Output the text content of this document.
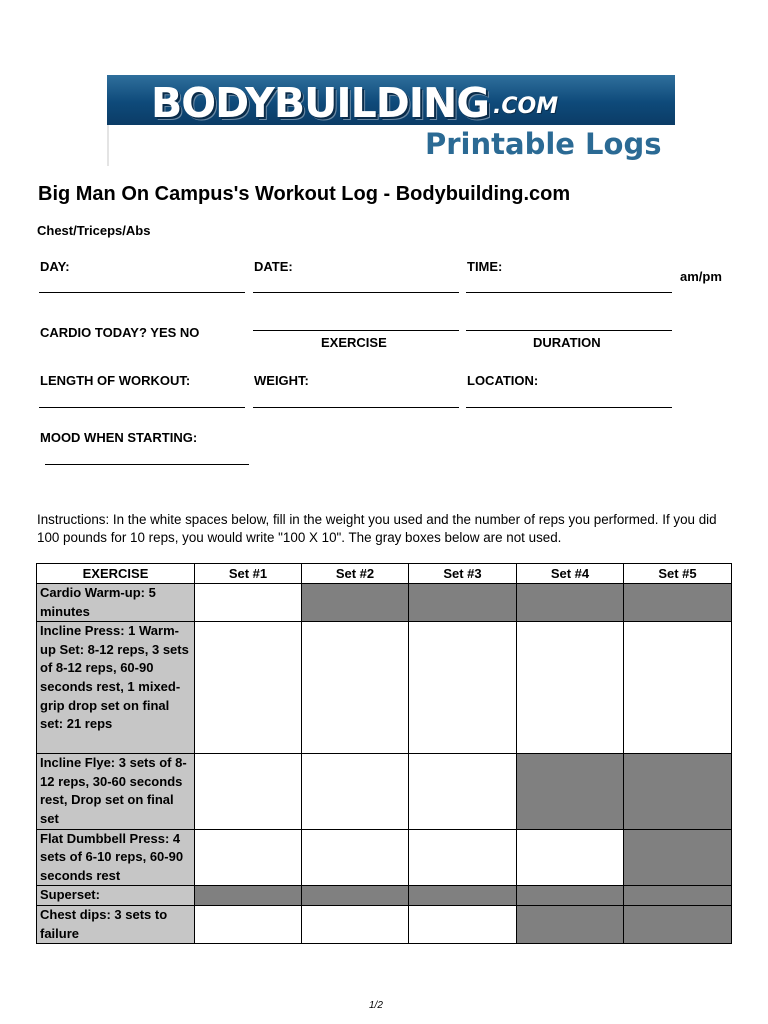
BODYBUILDING .COM
Printable Logs
Big Man On Campus's Workout Log - Bodybuilding.com
Chest/Triceps/Abs
DAY:	DATE:	TIME:
am/pm
CARDIO TODAY? YES NO
EXERCISE	DURATION
LENGTH OF WORKOUT:	WEIGHT:	LOCATION:
MOOD WHEN STARTING:
Instructions: In the white spaces below, fill in the weight you used and the number of reps you performed. If you did 100 pounds for 10 reps, you would write "100 X 10". The gray boxes below are not used.
EXERCISE	Set #1	Set #2	Set #3	Set #4	Set #5
Cardio Warm-up: 5 minutes					
Incline Press: 1 Warm-up Set: 8-12 reps, 3 sets of 8-12 reps, 60-90 seconds rest, 1 mixed-grip drop set on final set: 21 reps					
Incline Flye: 3 sets of 8-12 reps, 30-60 seconds rest, Drop set on final set					
Flat Dumbbell Press: 4 sets of 6-10 reps, 60-90 seconds rest					
Superset:					
Chest dips: 3 sets to failure					
1/2
